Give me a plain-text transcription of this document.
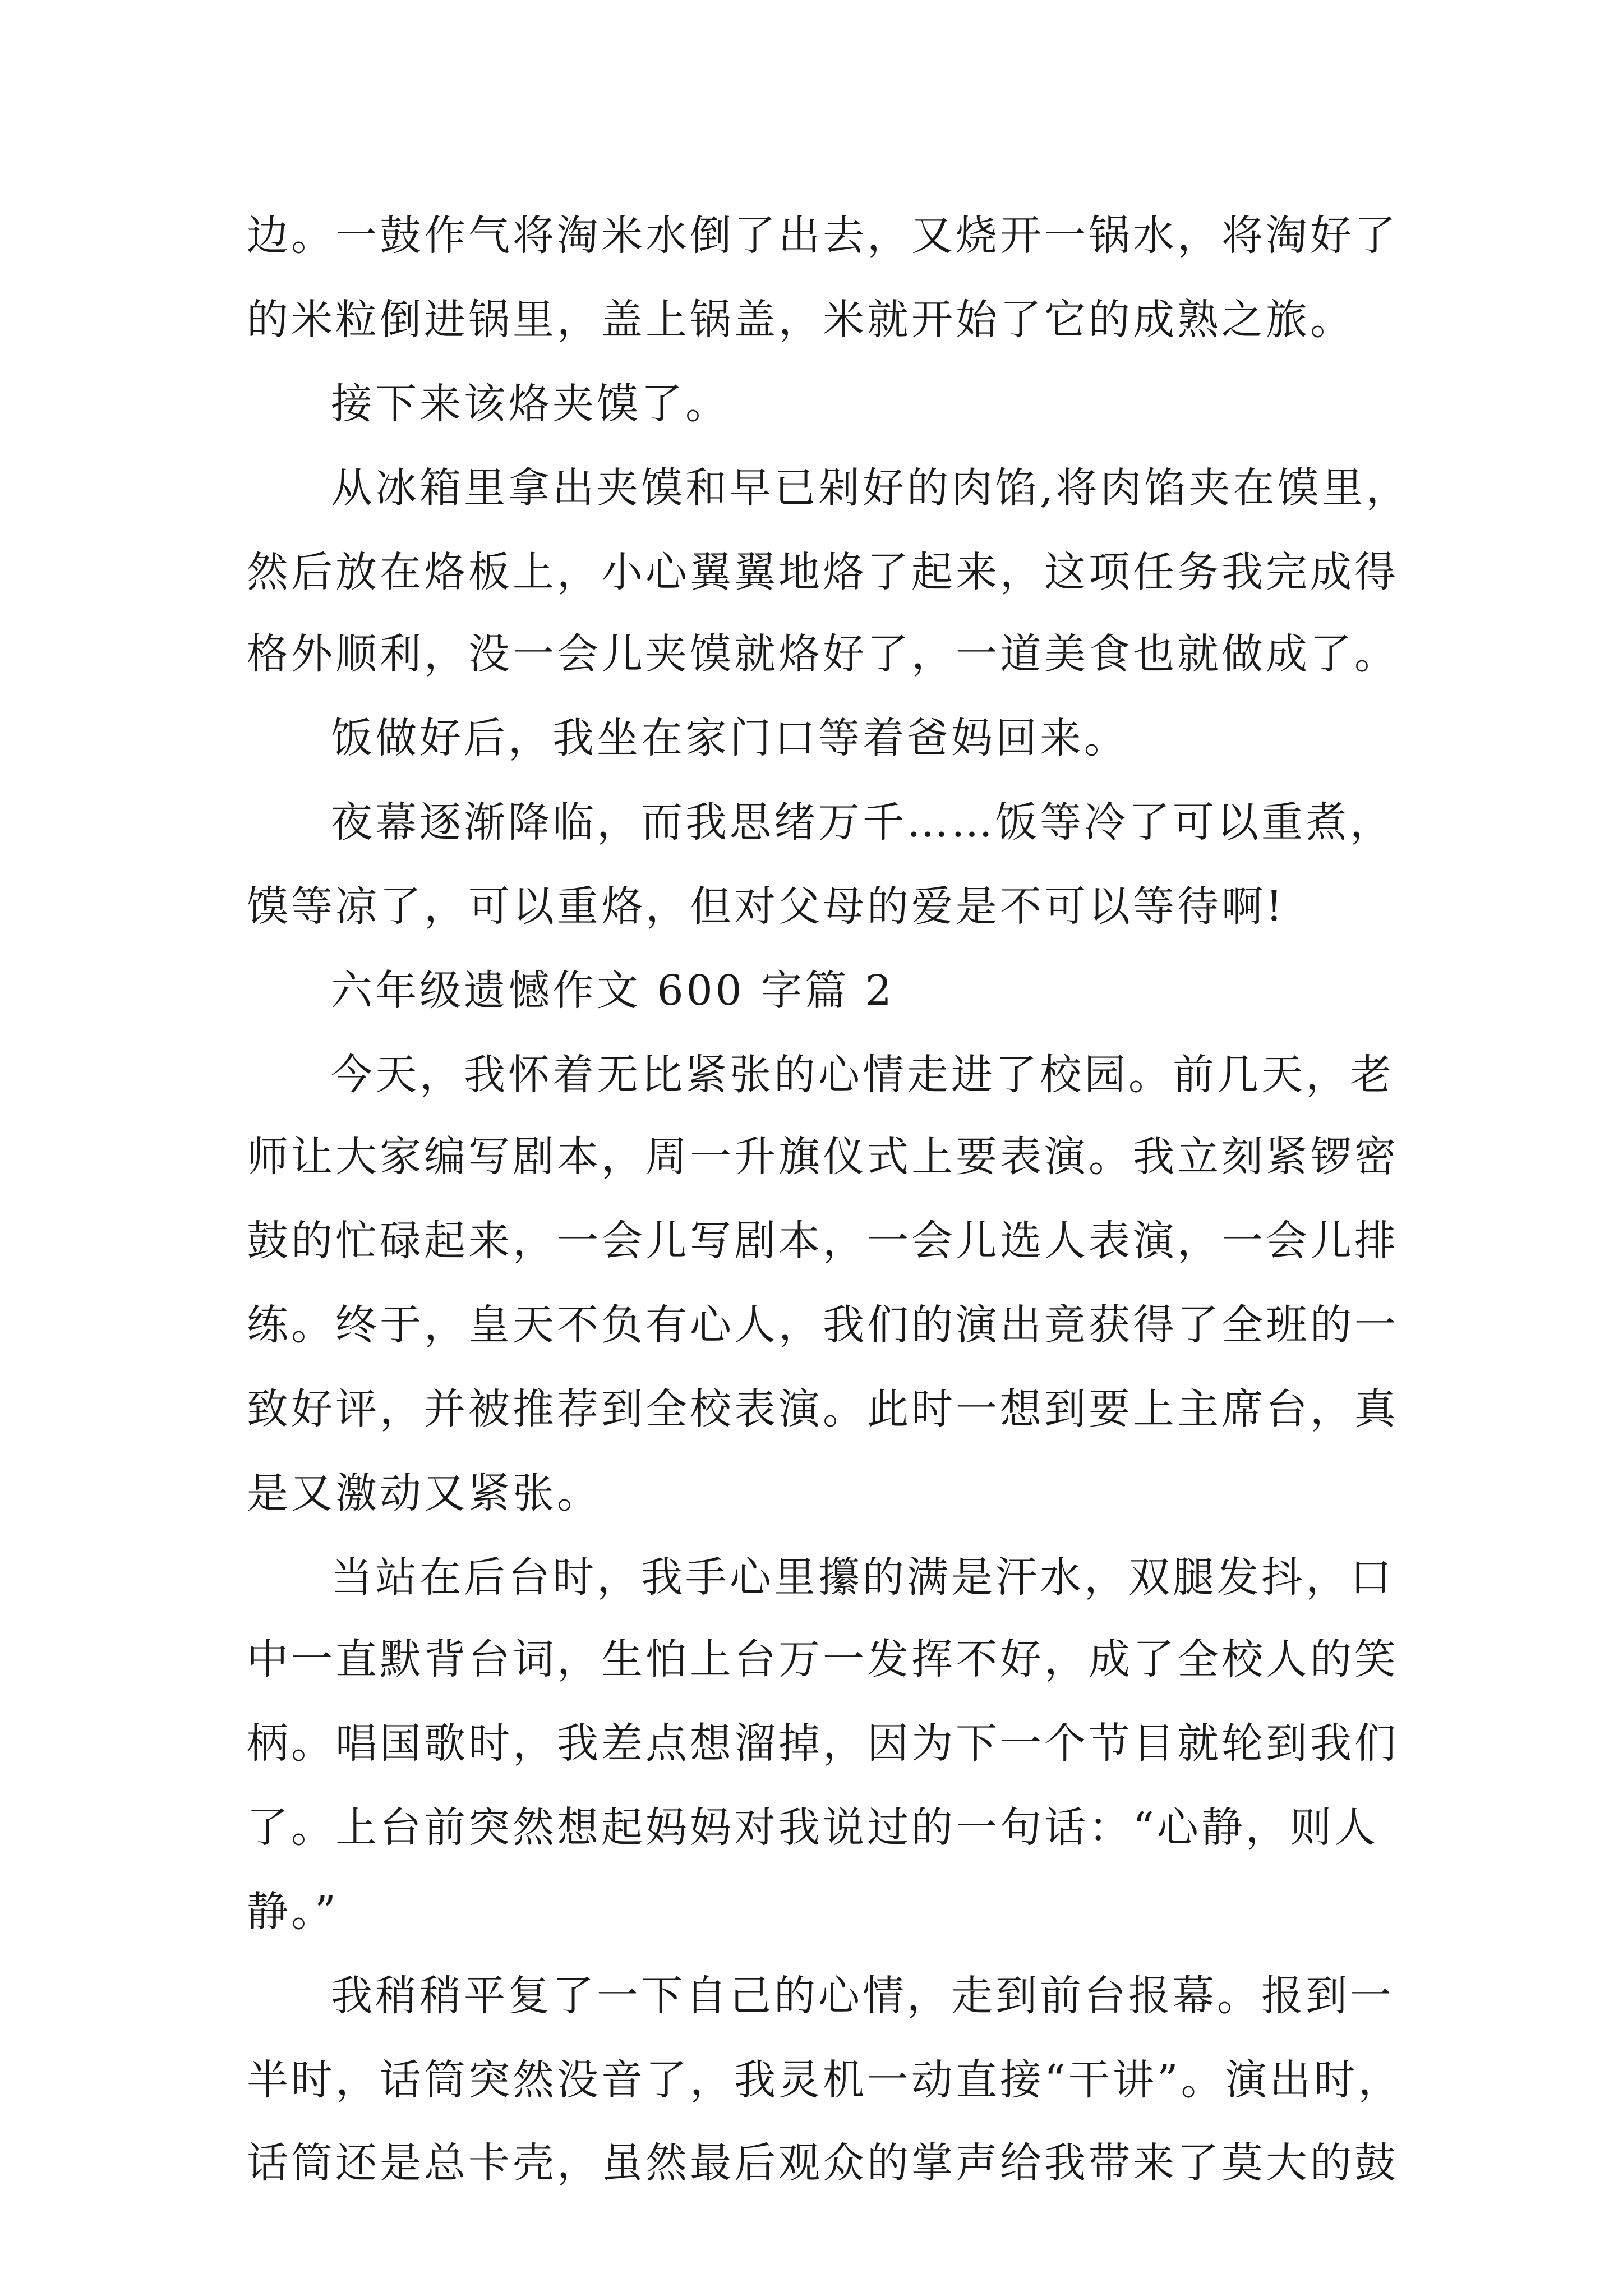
边。一鼓作气将淘米水倒了出去，又烧开一锅水，将淘好了
的米粒倒进锅里，盖上锅盖，米就开始了它的成熟之旅。
接下来该烙夹馍了。
从冰箱里拿出夹馍和早已剁好的肉馅,将肉馅夹在馍里，
然后放在烙板上，小心翼翼地烙了起来，这项任务我完成得
格外顺利，没一会儿夹馍就烙好了，一道美食也就做成了。
饭做好后，我坐在家门口等着爸妈回来。
夜幕逐渐降临，而我思绪万千……饭等冷了可以重煮，
馍等凉了，可以重烙，但对父母的爱是不可以等待啊!
六年级遗憾作文 600 字篇 2
今天，我怀着无比紧张的心情走进了校园。前几天，老
师让大家编写剧本，周一升旗仪式上要表演。我立刻紧锣密
鼓的忙碌起来，一会儿写剧本，一会儿选人表演，一会儿排
练。终于，皇天不负有心人，我们的演出竟获得了全班的一
致好评，并被推荐到全校表演。此时一想到要上主席台，真
是又激动又紧张。
当站在后台时，我手心里攥的满是汗水，双腿发抖，口
中一直默背台词，生怕上台万一发挥不好，成了全校人的笑
柄。唱国歌时，我差点想溜掉，因为下一个节目就轮到我们
了。上台前突然想起妈妈对我说过的一句话：“心静，则人
静。”
我稍稍平复了一下自己的心情，走到前台报幕。报到一
半时，话筒突然没音了，我灵机一动直接“干讲”。演出时，
话筒还是总卡壳，虽然最后观众的掌声给我带来了莫大的鼓
